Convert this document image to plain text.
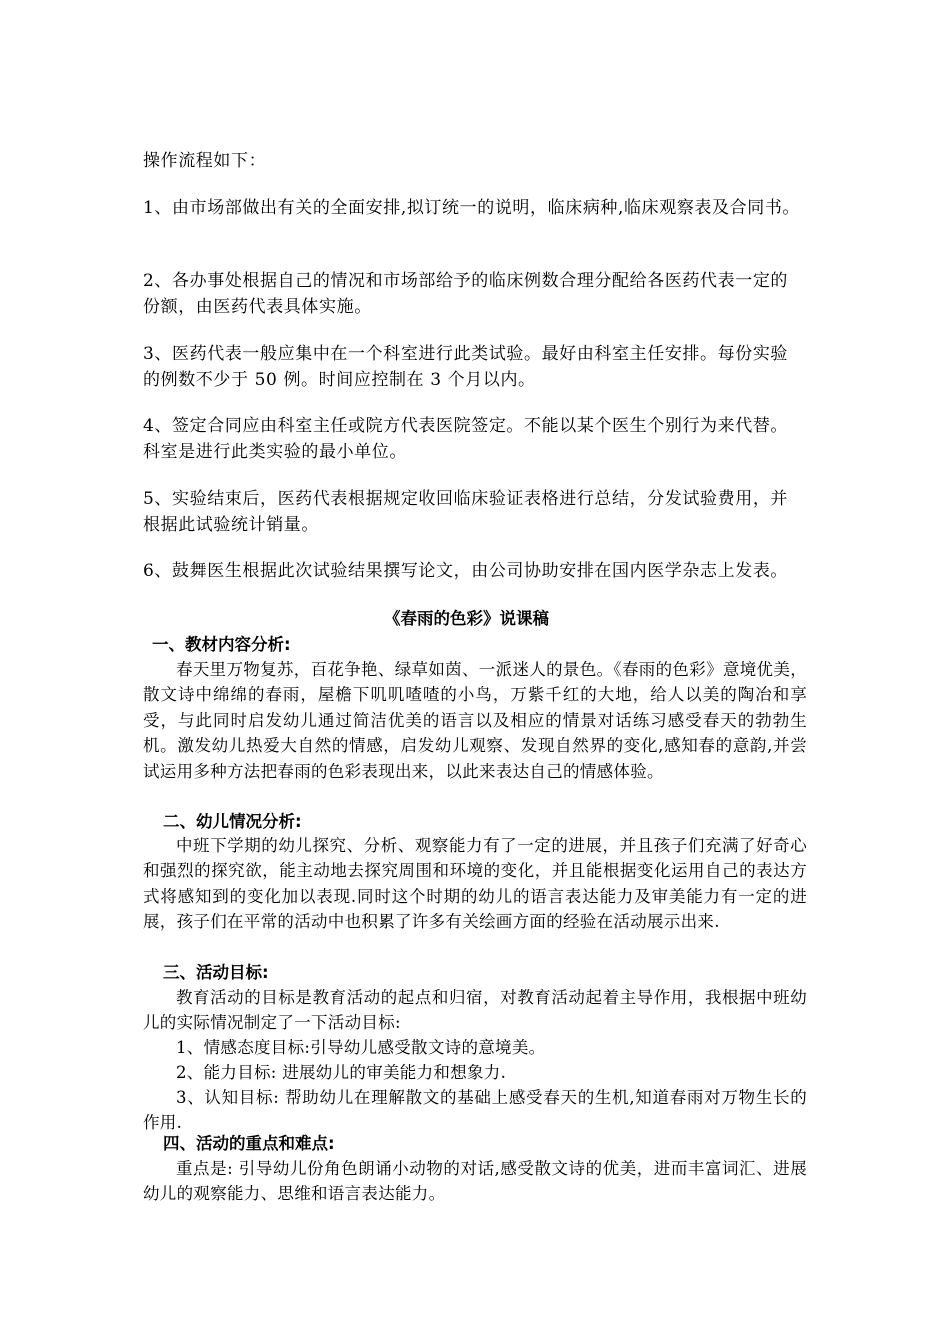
操作流程如下：
1、由市场部做出有关的全面安排,拟订统一的说明，临床病种,临床观察表及合同书。
2、各办事处根据自己的情况和市场部给予的临床例数合理分配给各医药代表一定的份额，由医药代表具体实施。
3、医药代表一般应集中在一个科室进行此类试验。最好由科室主任安排。每份实验的例数不少于 50 例。时间应控制在 3 个月以内。
4、签定合同应由科室主任或院方代表医院签定。不能以某个医生个别行为来代替。科室是进行此类实验的最小单位。
5、实验结束后，医药代表根据规定收回临床验证表格进行总结，分发试验费用，并根据此试验统计销量。
6、鼓舞医生根据此次试验结果撰写论文，由公司协助安排在国内医学杂志上发表。
《春雨的色彩》说课稿
一、教材内容分析:
春天里万物复苏，百花争艳、绿草如茵、一派迷人的景色。《春雨的色彩》意境优美，散文诗中绵绵的春雨，屋檐下叽叽喳喳的小鸟，万紫千红的大地，给人以美的陶冶和享受，与此同时启发幼儿通过简洁优美的语言以及相应的情景对话练习感受春天的勃勃生机。激发幼儿热爱大自然的情感，启发幼儿观察、发现自然界的变化,感知春的意韵,并尝试运用多种方法把春雨的色彩表现出来，以此来表达自己的情感体验。
二、幼儿情况分析:
中班下学期的幼儿探究、分析、观察能力有了一定的进展，并且孩子们充满了好奇心和强烈的探究欲，能主动地去探究周围和环境的变化，并且能根据变化运用自己的表达方式将感知到的变化加以表现.同时这个时期的幼儿的语言表达能力及审美能力有一定的进展，孩子们在平常的活动中也积累了许多有关绘画方面的经验在活动展示出来.
三、活动目标:
教育活动的目标是教育活动的起点和归宿，对教育活动起着主导作用，我根据中班幼儿的实际情况制定了一下活动目标:
1、情感态度目标:引导幼儿感受散文诗的意境美。
2、能力目标: 进展幼儿的审美能力和想象力.
3、认知目标: 帮助幼儿在理解散文的基础上感受春天的生机,知道春雨对万物生长的作用.
四、活动的重点和难点:
重点是: 引导幼儿份角色朗诵小动物的对话,感受散文诗的优美，进而丰富词汇、进展幼儿的观察能力、思维和语言表达能力。
